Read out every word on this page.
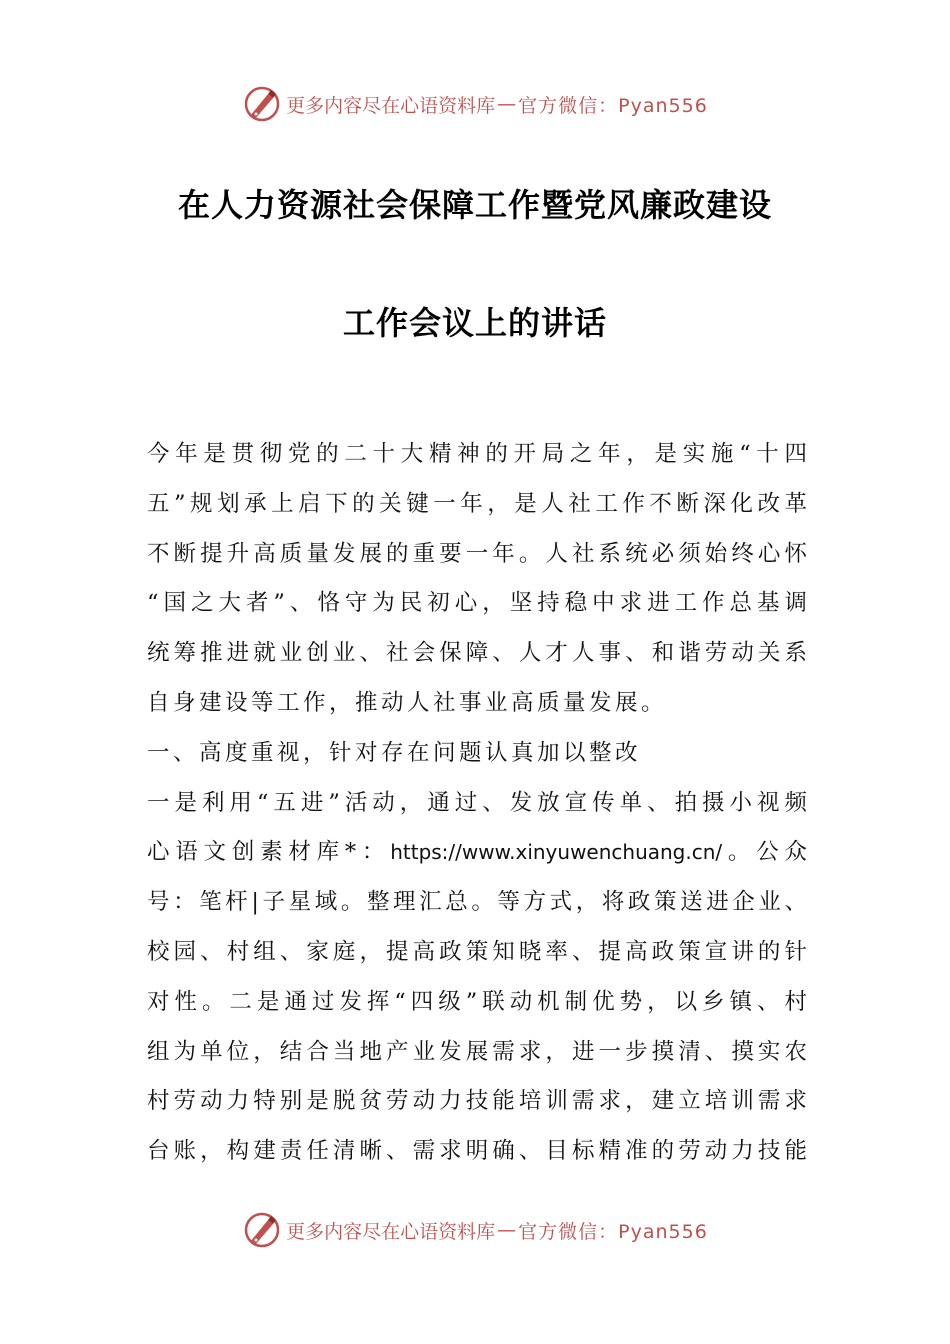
更多内容尽在心语资料库 — 官方微信：Pyan556
在人力资源社会保障工作暨党风廉政建设
工作会议上的讲话
今年是贯彻党的二十大精神的开局之年，是实施“十四
五”规划承上启下的关键一年，是人社工作不断深化改革
不断提升高质量发展的重要一年。人社系统必须始终心怀
“国之大者”、恪守为民初心，坚持稳中求进工作总基调
统筹推进就业创业、社会保障、人才人事、和谐劳动关系
自身建设等工作，推动人社事业高质量发展。
一、高度重视，针对存在问题认真加以整改
一是利用“五进”活动，通过、发放宣传单、拍摄小视频
心语文创素材库*：https://www.xinyuwenchuang.cn/。公众
号：笔杆|子星域。整理汇总。等方式，将政策送进企业、
校园、村组、家庭，提高政策知晓率、提高政策宣讲的针
对性。二是通过发挥“四级”联动机制优势，以乡镇、村
组为单位，结合当地产业发展需求，进一步摸清、摸实农
村劳动力特别是脱贫劳动力技能培训需求，建立培训需求
台账，构建责任清晰、需求明确、目标精准的劳动力技能
更多内容尽在心语资料库 — 官方微信：Pyan556
